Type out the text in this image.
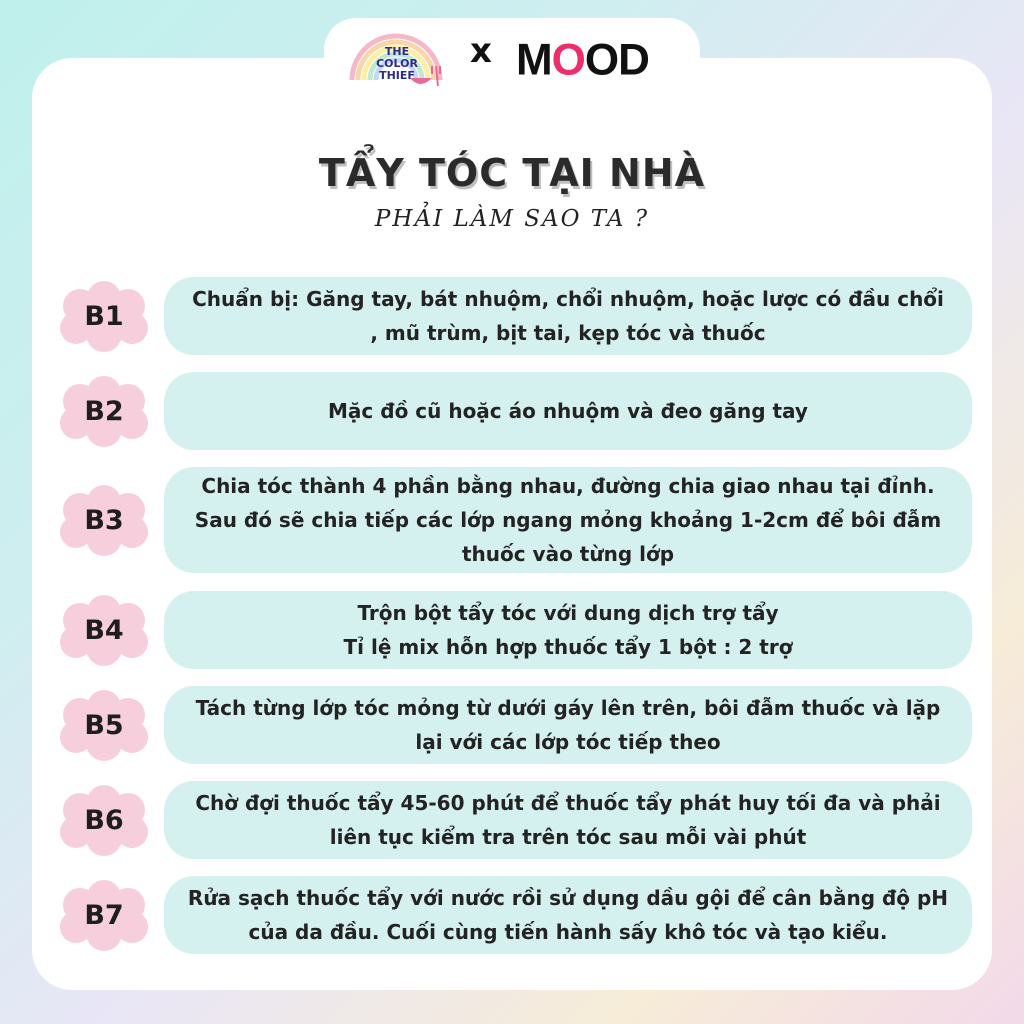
THE
COLOR
THIEF
x MOOD
TẨY TÓC TẠI NHÀ
PHẢI LÀM SAO TA ?
B1
Chuẩn bị: Găng tay, bát nhuộm, chổi nhuộm, hoặc lược có đầu chổi
, mũ trùm, bịt tai, kẹp tóc và thuốc
B2	Mặc đồ cũ hoặc áo nhuộm và đeo găng tay
B3
Chia tóc thành 4 phần bằng nhau, đường chia giao nhau tại đỉnh.
Sau đó sẽ chia tiếp các lớp ngang mỏng khoảng 1-2cm để bôi đẫm
thuốc vào từng lớp
B4
Trộn bột tẩy tóc với dung dịch trợ tẩy
Tỉ lệ mix hỗn hợp thuốc tẩy 1 bột : 2 trợ
B5
Tách từng lớp tóc mỏng từ dưới gáy lên trên, bôi đẫm thuốc và lặp
lại với các lớp tóc tiếp theo
B6
Chờ đợi thuốc tẩy 45-60 phút để thuốc tẩy phát huy tối đa và phải
liên tục kiểm tra trên tóc sau mỗi vài phút
B7
Rửa sạch thuốc tẩy với nước rồi sử dụng dầu gội để cân bằng độ pH
của da đầu. Cuối cùng tiến hành sấy khô tóc và tạo kiểu.
